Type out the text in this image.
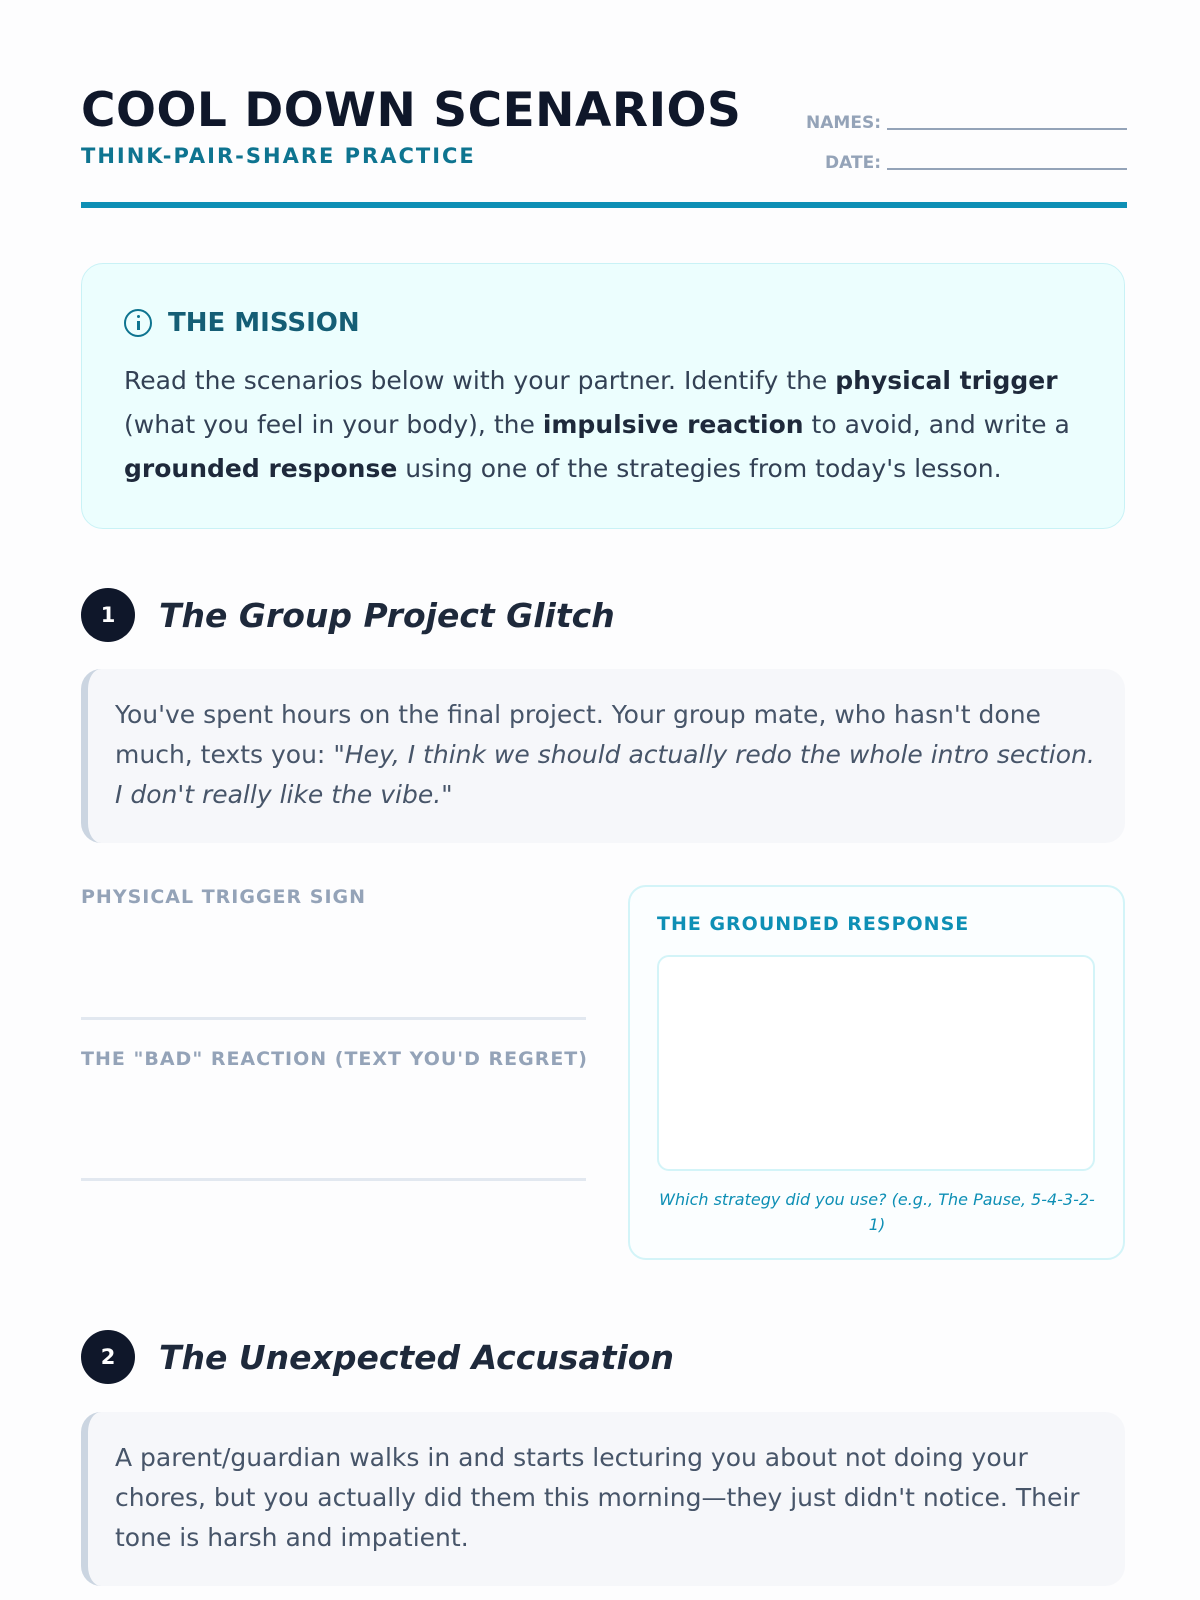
COOL DOWN SCENARIOS
THINK-PAIR-SHARE PRACTICE
NAMES:
DATE:
THE MISSION
Read the scenarios below with your partner. Identify the physical trigger (what you feel in your body), the impulsive reaction to avoid, and write a grounded response using one of the strategies from today's lesson.
1	The Group Project Glitch
You've spent hours on the final project. Your group mate, who hasn't done much, texts you: "Hey, I think we should actually redo the whole intro section. I don't really like the vibe."
PHYSICAL TRIGGER SIGN
THE "BAD" REACTION (TEXT YOU'D REGRET)
THE GROUNDED RESPONSE
Which strategy did you use? (e.g., The Pause, 5-4-3-2-1)
2	The Unexpected Accusation
A parent/guardian walks in and starts lecturing you about not doing your chores, but you actually did them this morning—they just didn't notice. Their tone is harsh and impatient.
